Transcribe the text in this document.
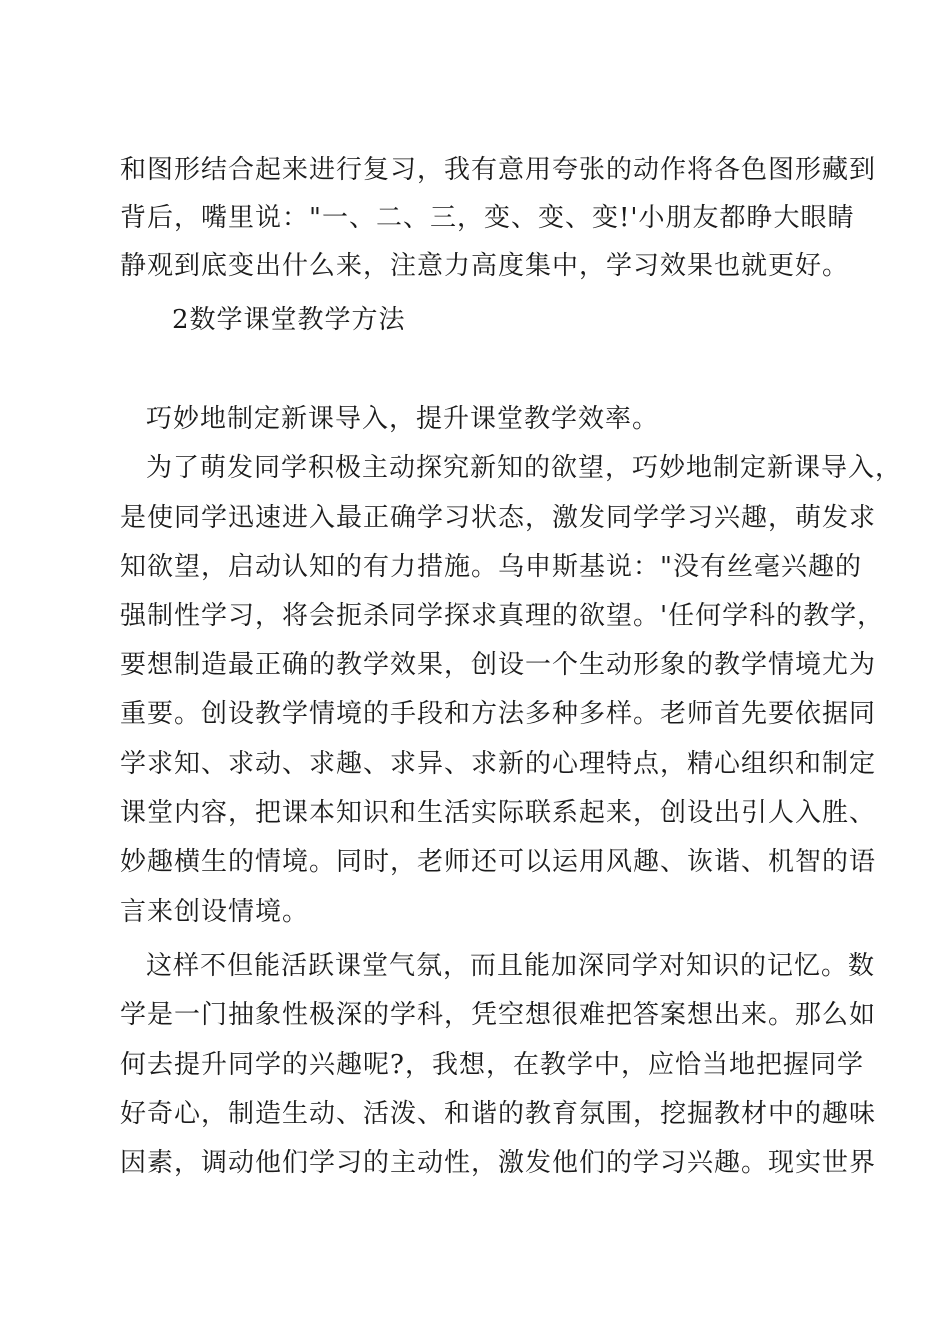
和图形结合起来进行复习，我有意用夸张的动作将各色图形藏到
背后，嘴里说："一、二、三，变、变、变!'小朋友都睁大眼睛
静观到底变出什么来，注意力高度集中，学习效果也就更好。
2数学课堂教学方法
巧妙地制定新课导入，提升课堂教学效率。
为了萌发同学积极主动探究新知的欲望，巧妙地制定新课导入，
是使同学迅速进入最正确学习状态，激发同学学习兴趣，萌发求
知欲望，启动认知的有力措施。乌申斯基说："没有丝毫兴趣的
强制性学习，将会扼杀同学探求真理的欲望。'任何学科的教学，
要想制造最正确的教学效果，创设一个生动形象的教学情境尤为
重要。创设教学情境的手段和方法多种多样。老师首先要依据同
学求知、求动、求趣、求异、求新的心理特点，精心组织和制定
课堂内容，把课本知识和生活实际联系起来，创设出引人入胜、
妙趣横生的情境。同时，老师还可以运用风趣、诙谐、机智的语
言来创设情境。
这样不但能活跃课堂气氛，而且能加深同学对知识的记忆。数
学是一门抽象性极深的学科，凭空想很难把答案想出来。那么如
何去提升同学的兴趣呢?，我想，在教学中，应恰当地把握同学
好奇心，制造生动、活泼、和谐的教育氛围，挖掘教材中的趣味
因素，调动他们学习的主动性，激发他们的学习兴趣。现实世界
